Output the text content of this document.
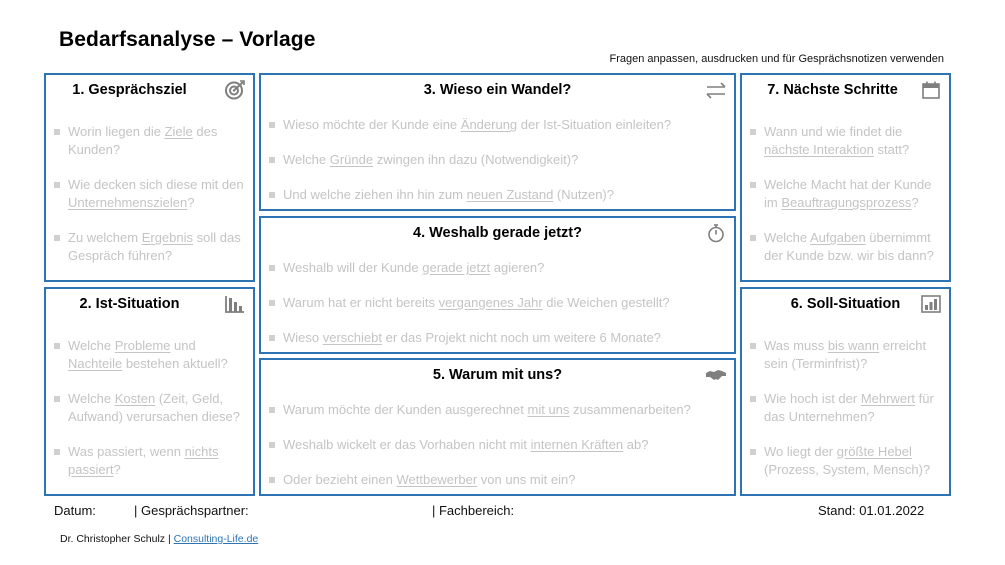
Bedarfsanalyse – Vorlage
Fragen anpassen, ausdrucken und für Gesprächsnotizen verwenden
1. Gesprächsziel
Worin liegen die Ziele des Kunden?
Wie decken sich diese mit den Unternehmenszielen?
Zu welchem Ergebnis soll das Gespräch führen?
2. Ist-Situation
Welche Probleme und Nachteile bestehen aktuell?
Welche Kosten (Zeit, Geld, Aufwand) verursachen diese?
Was passiert, wenn nichts passiert?
3. Wieso ein Wandel?
Wieso möchte der Kunde eine Änderung der Ist-Situation einleiten?
Welche Gründe zwingen ihn dazu (Notwendigkeit)?
Und welche ziehen ihn hin zum neuen Zustand (Nutzen)?
4. Weshalb gerade jetzt?
Weshalb will der Kunde gerade jetzt agieren?
Warum hat er nicht bereits vergangenes Jahr die Weichen gestellt?
Wieso verschiebt er das Projekt nicht noch um weitere 6 Monate?
5. Warum mit uns?
Warum möchte der Kunden ausgerechnet mit uns zusammenarbeiten?
Weshalb wickelt er das Vorhaben nicht mit internen Kräften ab?
Oder bezieht einen Wettbewerber von uns mit ein?
7. Nächste Schritte
Wann und wie findet die nächste Interaktion statt?
Welche Macht hat der Kunde im Beauftragungsprozess?
Welche Aufgaben übernimmt der Kunde bzw. wir bis dann?
6. Soll-Situation
Was muss bis wann erreicht sein (Terminfrist)?
Wie hoch ist der Mehrwert für das Unternehmen?
Wo liegt der größte Hebel (Prozess, System, Mensch)?
Datum:	| Gesprächspartner:	| Fachbereich:	Stand: 01.01.2022
Dr. Christopher Schulz | Consulting-Life.de
